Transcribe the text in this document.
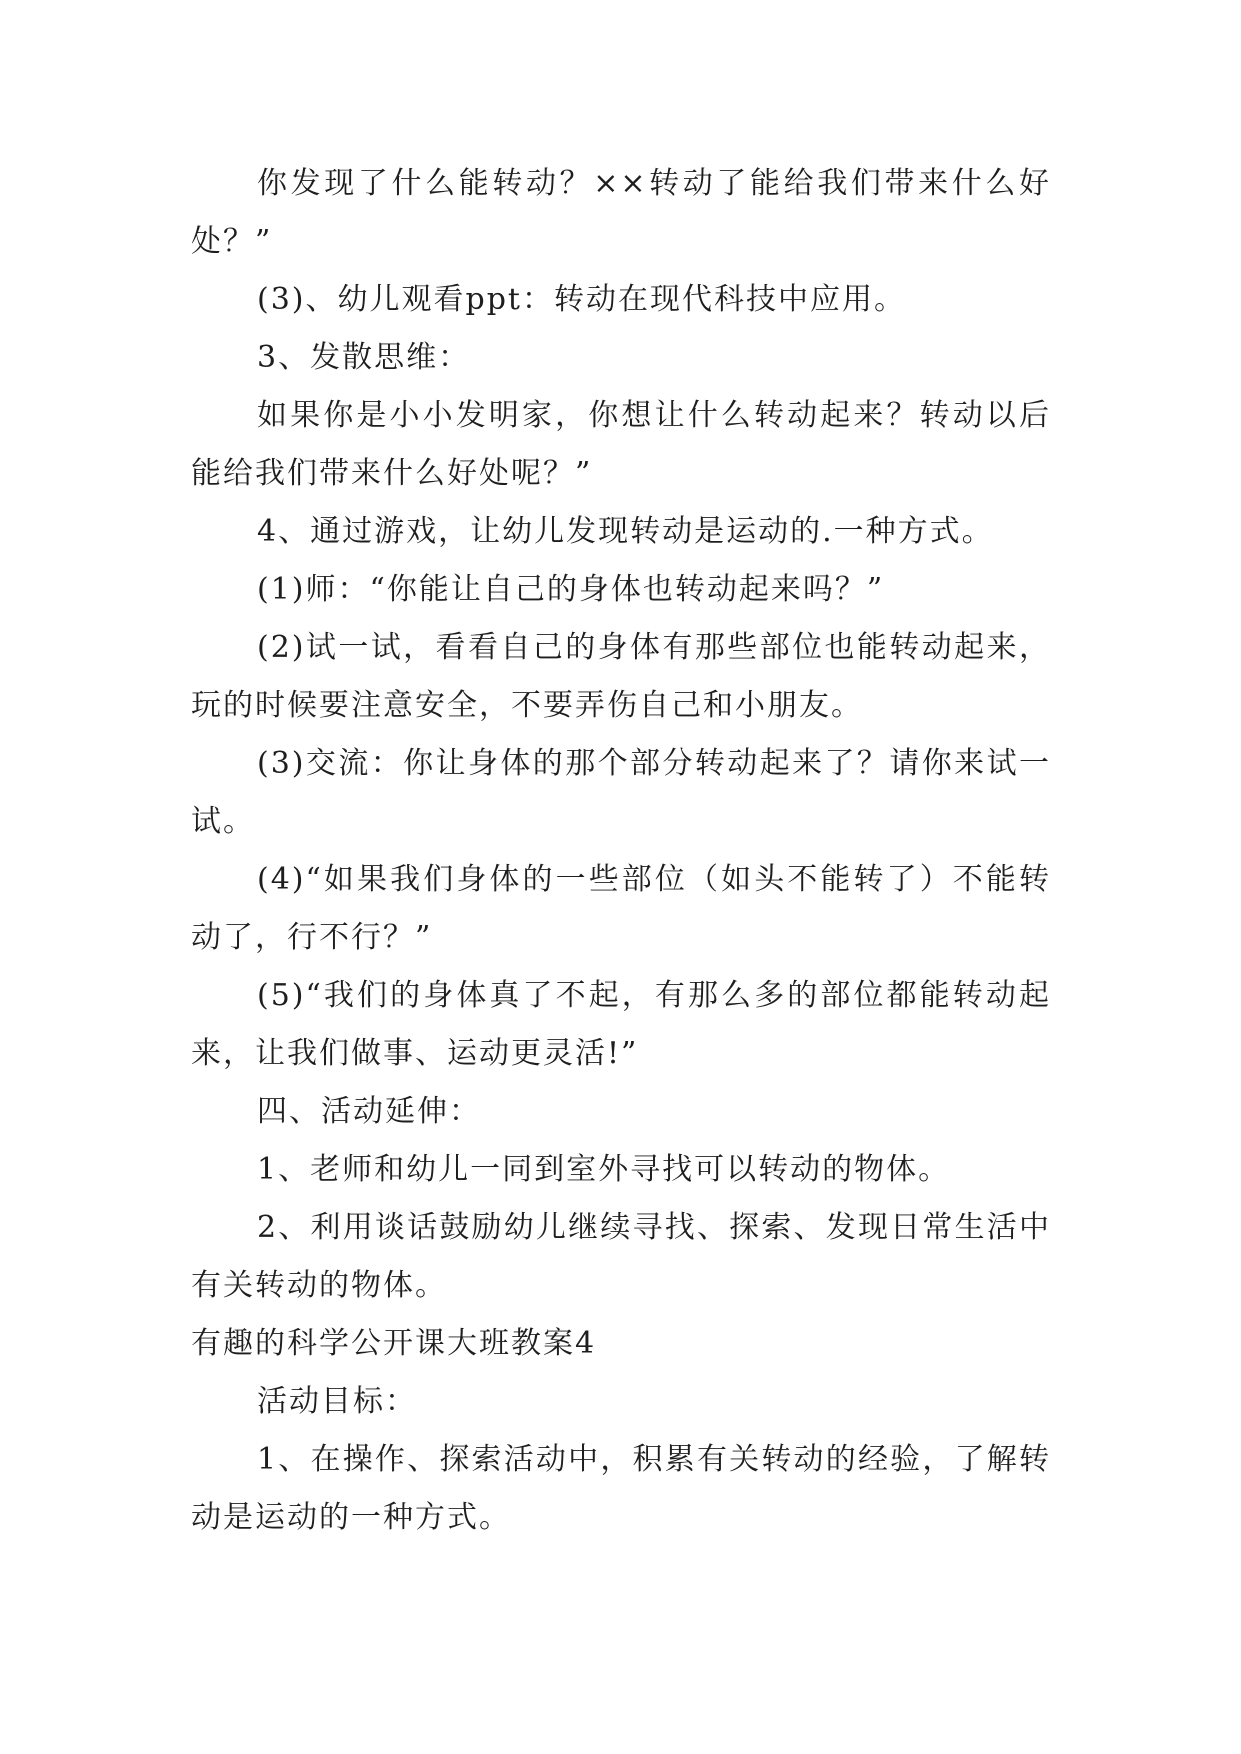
你发现了什么能转动？××转动了能给我们带来什么好处？”

(3)、幼儿观看ppt：转动在现代科技中应用。

3、发散思维：

如果你是小小发明家，你想让什么转动起来？转动以后能给我们带来什么好处呢？”

4、通过游戏，让幼儿发现转动是运动的.一种方式。

(1)师：“你能让自己的身体也转动起来吗？”

(2)试一试，看看自己的身体有那些部位也能转动起来，玩的时候要注意安全，不要弄伤自己和小朋友。

(3)交流：你让身体的那个部分转动起来了？请你来试一试。

(4)“如果我们身体的一些部位（如头不能转了）不能转动了，行不行？”

(5)“我们的身体真了不起，有那么多的部位都能转动起来，让我们做事、运动更灵活!”

四、活动延伸：

1、老师和幼儿一同到室外寻找可以转动的物体。

2、利用谈话鼓励幼儿继续寻找、探索、发现日常生活中有关转动的物体。

有趣的科学公开课大班教案4

活动目标：

1、在操作、探索活动中，积累有关转动的经验，了解转动是运动的一种方式。
